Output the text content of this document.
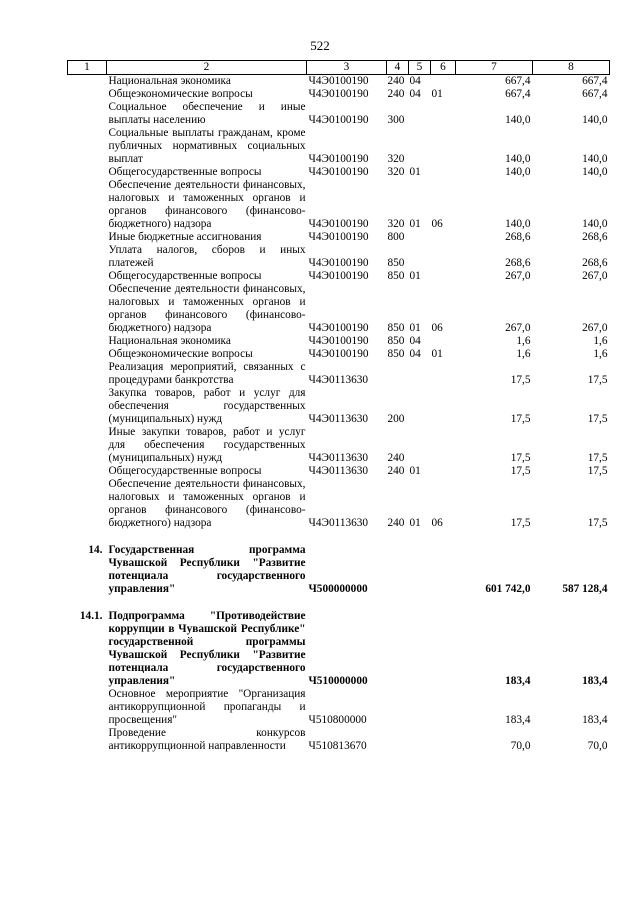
522
1	2	3	4	5	6	7	8
	Национальная экономика	Ч4Э0100190	240	04		667,4	667,4
	Общеэкономические вопросы	Ч4Э0100190	240	04	01	667,4	667,4
	Социальное обеспечение и иные выплаты населению	Ч4Э0100190	300			140,0	140,0
	Социальные выплаты гражданам, кроме публичных нормативных социальных выплат	Ч4Э0100190	320			140,0	140,0
	Общегосударственные вопросы	Ч4Э0100190	320	01		140,0	140,0
	Обеспечение деятельности финансовых, налоговых и таможенных органов и органов финансового (финансово-бюджетного) надзора	Ч4Э0100190	320	01	06	140,0	140,0
	Иные бюджетные ассигнования	Ч4Э0100190	800			268,6	268,6
	Уплата налогов, сборов и иных платежей	Ч4Э0100190	850			268,6	268,6
	Общегосударственные вопросы	Ч4Э0100190	850	01		267,0	267,0
	Обеспечение деятельности финансовых, налоговых и таможенных органов и органов финансового (финансово-бюджетного) надзора	Ч4Э0100190	850	01	06	267,0	267,0
	Национальная экономика	Ч4Э0100190	850	04		1,6	1,6
	Общеэкономические вопросы	Ч4Э0100190	850	04	01	1,6	1,6
	Реализация мероприятий, связанных с процедурами банкротства	Ч4Э0113630				17,5	17,5
	Закупка товаров, работ и услуг для обеспечения государственных (муниципальных) нужд	Ч4Э0113630	200			17,5	17,5
	Иные закупки товаров, работ и услуг для обеспечения государственных (муниципальных) нужд	Ч4Э0113630	240			17,5	17,5
	Общегосударственные вопросы	Ч4Э0113630	240	01		17,5	17,5
	Обеспечение деятельности финансовых, налоговых и таможенных органов и органов финансового (финансово-бюджетного) надзора	Ч4Э0113630	240	01	06	17,5	17,5

14.	Государственная программа Чувашской Республики "Развитие потенциала государственного управления"	Ч500000000				601 742,0	587 128,4

14.1.	Подпрограмма "Противодействие коррупции в Чувашской Республике" государственной программы Чувашской Республики "Развитие потенциала государственного управления"	Ч510000000				183,4	183,4
	Основное мероприятие "Организация антикоррупционной пропаганды и просвещения"	Ч510800000				183,4	183,4
	Проведение конкурсов антикоррупционной направленности	Ч510813670				70,0	70,0
